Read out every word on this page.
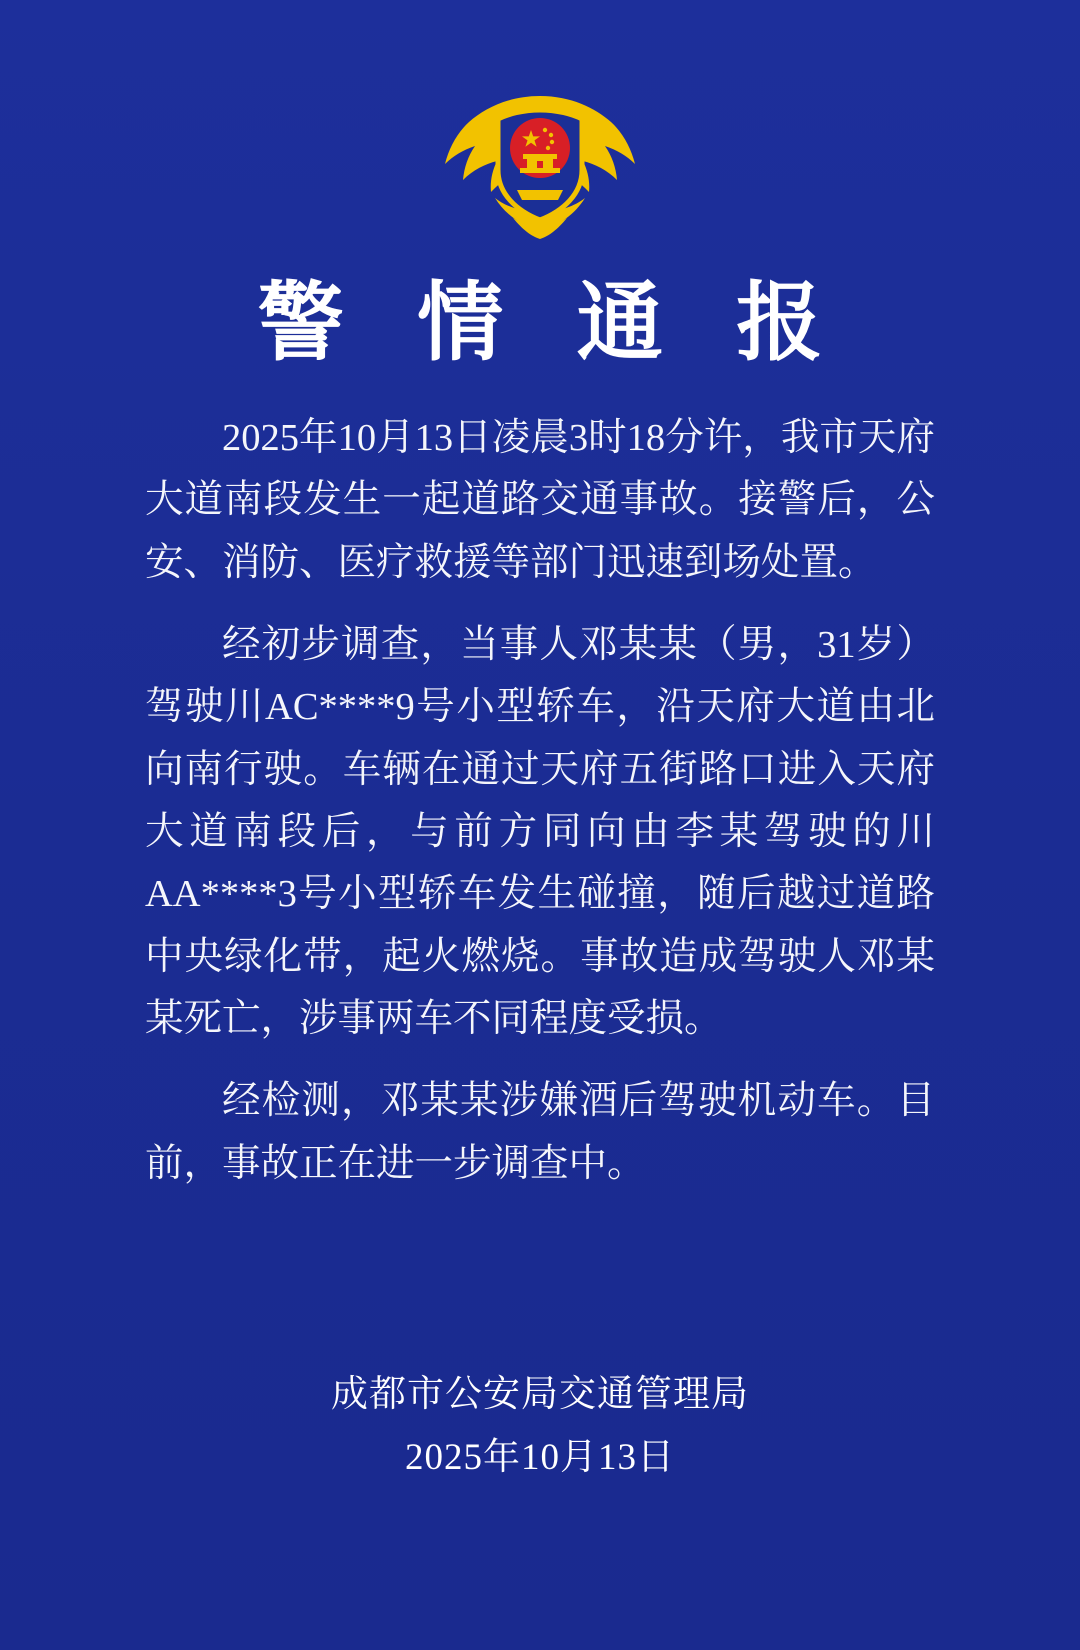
警 情 通 报

2025年10月13日凌晨3时18分许，我市天府大道南段发生一起道路交通事故。接警后，公安、消防、医疗救援等部门迅速到场处置。

经初步调查，当事人邓某某（男，31岁）驾驶川AC****9号小型轿车，沿天府大道由北向南行驶。车辆在通过天府五街路口进入天府大道南段后，与前方同向由李某驾驶的川AA****3号小型轿车发生碰撞，随后越过道路中央绿化带，起火燃烧。事故造成驾驶人邓某某死亡，涉事两车不同程度受损。

经检测，邓某某涉嫌酒后驾驶机动车。目前，事故正在进一步调查中。

成都市公安局交通管理局
2025年10月13日
